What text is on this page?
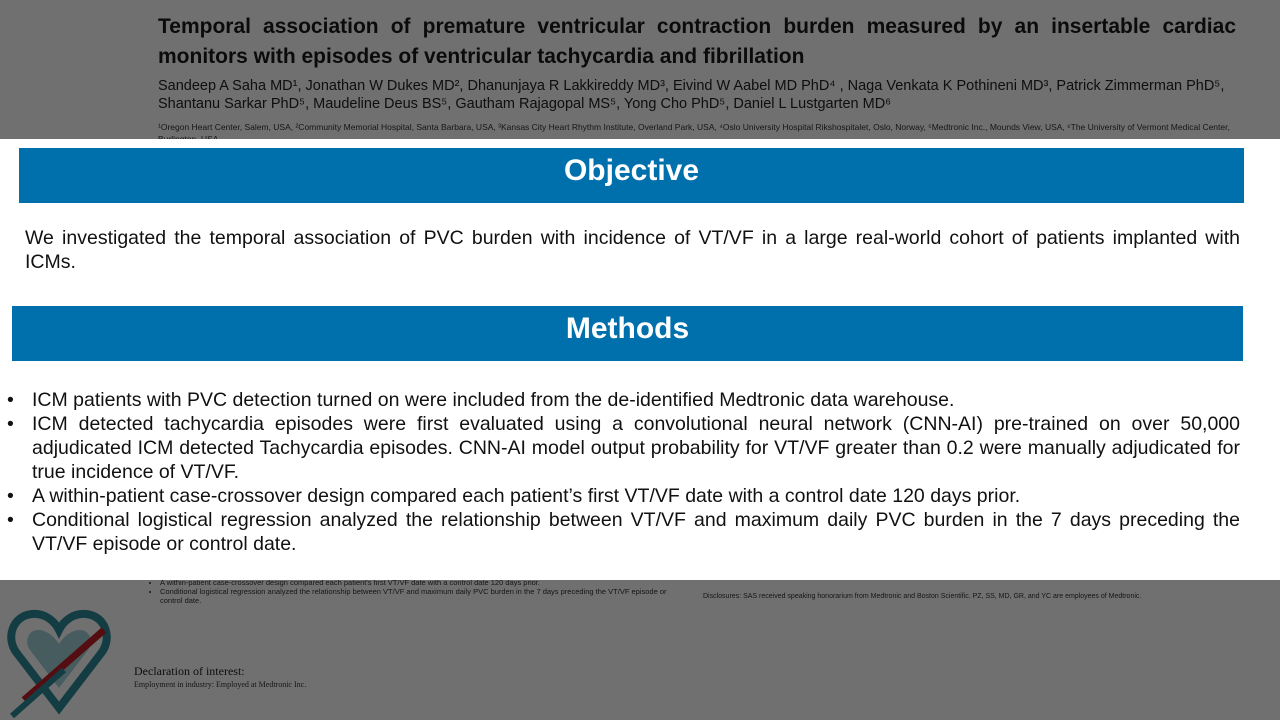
•
•
Objective

We investigated the temporal association of PVC burden with incidence of VT/VF in a large real-world cohort of patients implanted with ICMs.

Methods
• ICM patients with PVC detection turned on were included from the de-identified Medtronic data warehouse.
• ICM detected tachycardia episodes were first evaluated using a convolutional neural network (CNN-AI) pre-trained on over 50,000 adjudicated ICM detected Tachycardia episodes. CNN-AI model output probability for VT/VF greater than 0.2 were manually adjudicated for true incidence of VT/VF.
• A within-patient case-crossover design compared each patient’s first VT/VF date with a control date 120 days prior.
• Conditional logistical regression analyzed the relationship between VT/VF and maximum daily PVC burden in the 7 days preceding the VT/VF episode or control date.
